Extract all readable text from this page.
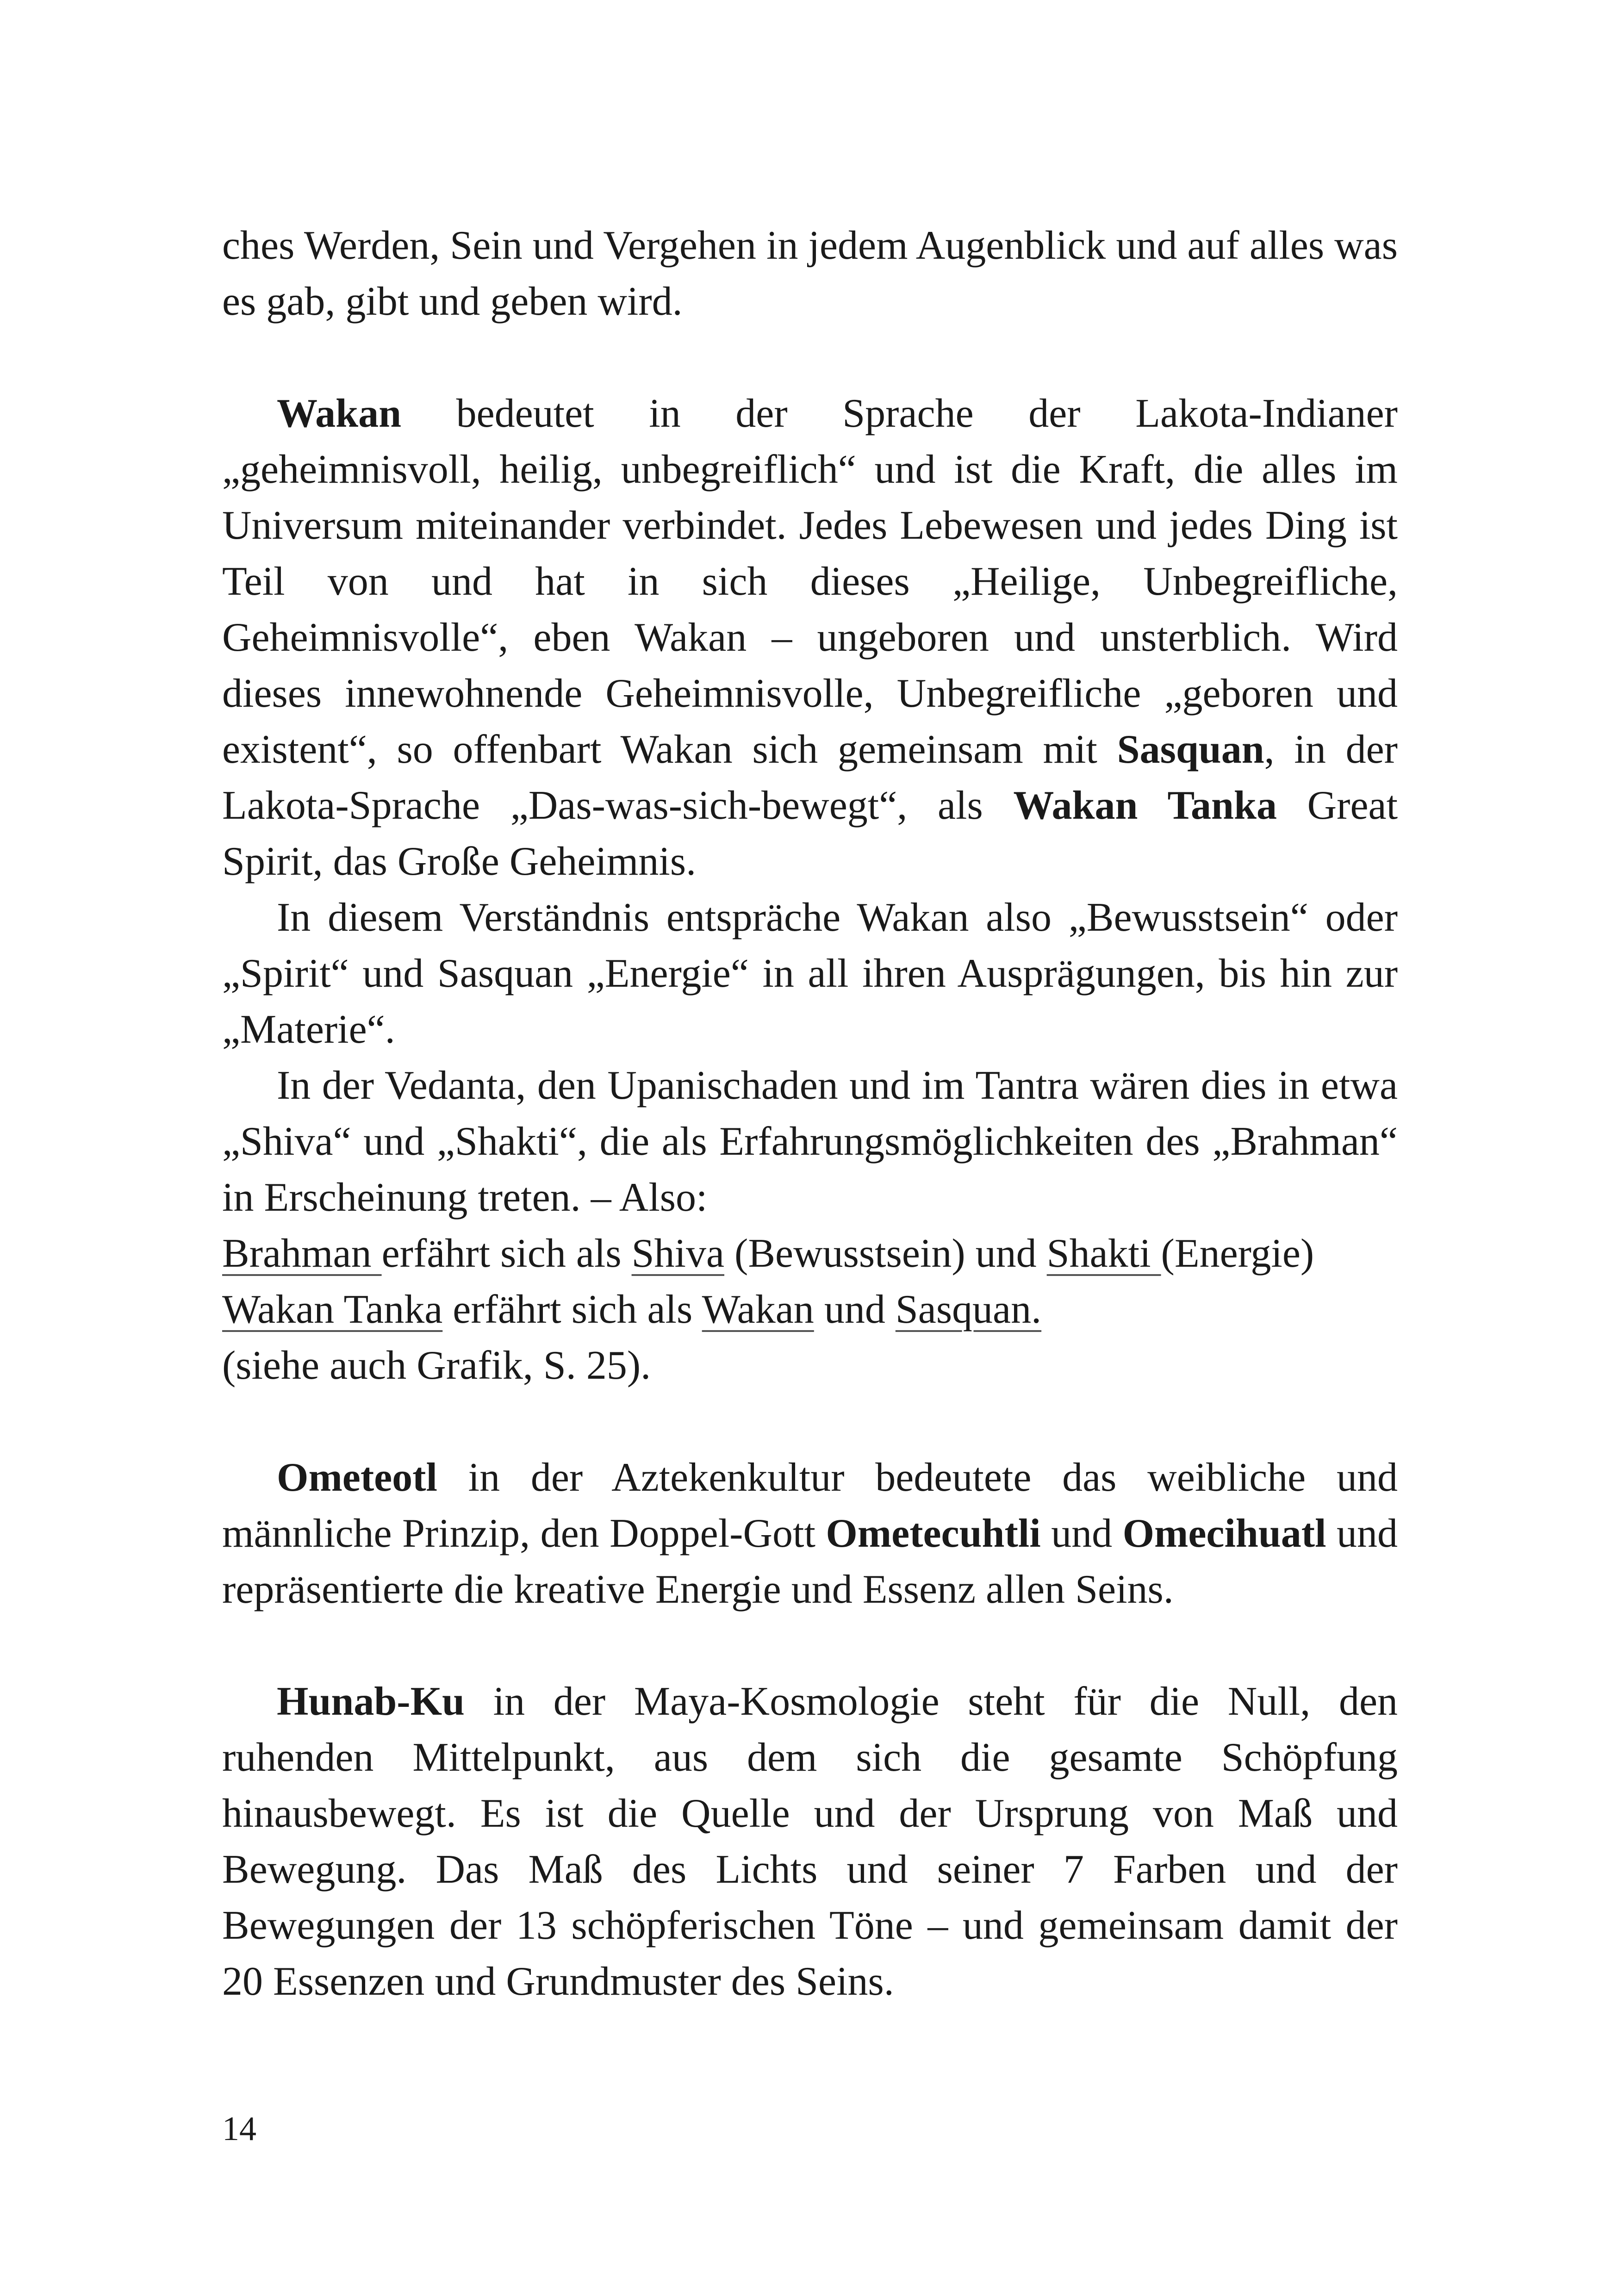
ches Werden, Sein und Vergehen in jedem Augenblick und auf alles was es gab, gibt und geben wird.

Wakan bedeutet in der Sprache der Lakota-Indianer „geheimnisvoll, heilig, unbegreiflich“ und ist die Kraft, die alles im Universum miteinander verbindet. Jedes Lebewesen und jedes Ding ist Teil von und hat in sich dieses „Heilige, Unbegreifliche, Geheimnisvolle“, eben Wakan – ungeboren und unsterblich. Wird dieses innewohnende Geheimnisvolle, Unbegreifliche „geboren und existent“, so offenbart Wakan sich gemeinsam mit Sasquan, in der Lakota-Sprache „Das-was-sich-bewegt“, als Wakan Tanka Great Spirit, das Große Geheimnis.

In diesem Verständnis entspräche Wakan also „Bewusstsein“ oder „Spirit“ und Sasquan „Energie“ in all ihren Ausprägungen, bis hin zur „Materie“.

In der Vedanta, den Upanischaden und im Tantra wären dies in etwa „Shiva“ und „Shakti“, die als Erfahrungsmöglichkeiten des „Brahman“ in Erscheinung treten. – Also:

Brahman erfährt sich als Shiva (Bewusstsein) und Shakti (Energie)

Wakan Tanka erfährt sich als Wakan und Sasquan.

(siehe auch Grafik, S. 25).

Ometeotl in der Aztekenkultur bedeutete das weibliche und männliche Prinzip, den Doppel-Gott Ometecuhtli und Omecihuatl und repräsentierte die kreative Energie und Essenz allen Seins.

Hunab-Ku in der Maya-Kosmologie steht für die Null, den ruhenden Mittelpunkt, aus dem sich die gesamte Schöpfung hinausbewegt. Es ist die Quelle und der Ursprung von Maß und Bewegung. Das Maß des Lichts und seiner 7 Farben und der Bewegungen der 13 schöpferischen Töne – und gemeinsam damit der 20 Essenzen und Grundmuster des Seins.

14
